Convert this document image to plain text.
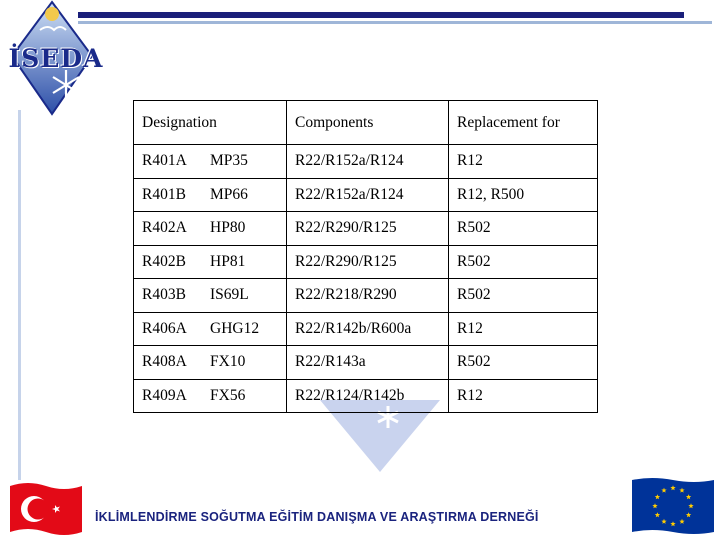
İSEDA
Designation	Components	Replacement for
R401A MP35	R22/R152a/R124	R12
R401B MP66	R22/R152a/R124	R12, R500
R402A HP80	R22/R290/R125	R502
R402B HP81	R22/R290/R125	R502
R403B IS69L	R22/R218/R290	R502
R406A GHG12	R22/R142b/R600a	R12
R408A FX10	R22/R143a	R502
R409A FX56	R22/R124/R142b	R12
İKLİMLENDİRME SOĞUTMA EĞİTİM DANIŞMA VE ARAŞTIRMA DERNEĞİ
